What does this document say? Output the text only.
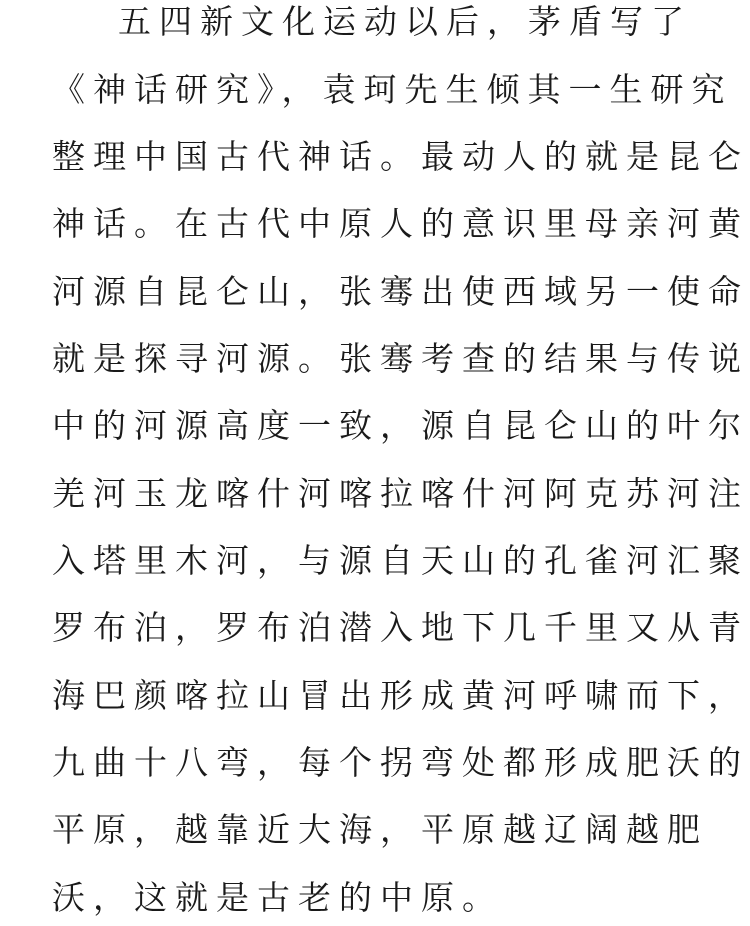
五四新文化运动以后，茅盾写了
《神话研究》，袁珂先生倾其一生研究
整理中国古代神话。最动人的就是昆仑
神话。在古代中原人的意识里母亲河黄
河源自昆仑山，张骞出使西域另一使命
就是探寻河源。张骞考查的结果与传说
中的河源高度一致，源自昆仑山的叶尔
羌河玉龙喀什河喀拉喀什河阿克苏河注
入塔里木河，与源自天山的孔雀河汇聚
罗布泊，罗布泊潜入地下几千里又从青
海巴颜喀拉山冒出形成黄河呼啸而下，
九曲十八弯，每个拐弯处都形成肥沃的
平原，越靠近大海，平原越辽阔越肥
沃，这就是古老的中原。
